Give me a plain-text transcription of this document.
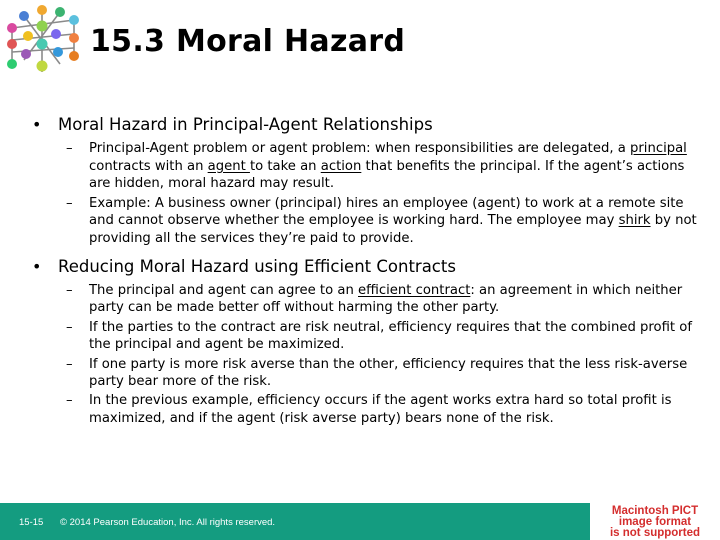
15.3 Moral Hazard
•	Moral Hazard in Principal-Agent Relationships
–	Principal-Agent problem or agent problem: when responsibilities are delegated, a principal contracts with an agent to take an action that benefits the principal. If the agent’s actions are hidden, moral hazard may result.
–	Example: A business owner (principal) hires an employee (agent) to work at a remote site and cannot observe whether the employee is working hard. The employee may shirk by not providing all the services they’re paid to provide.
•	Reducing Moral Hazard using Efficient Contracts
–	The principal and agent can agree to an efficient contract: an agreement in which neither party can be made better off without harming the other party.
–	If the parties to the contract are risk neutral, efficiency requires that the combined profit of the principal and agent be maximized.
–	If one party is more risk averse than the other, efficiency requires that the less risk-averse party bear more of the risk.
–	In the previous example, efficiency occurs if the agent works extra hard so total profit is maximized, and if the agent (risk averse party) bears none of the risk.
15-15 © 2014 Pearson Education, Inc. All rights reserved.
Macintosh PICT
image format
is not supported
